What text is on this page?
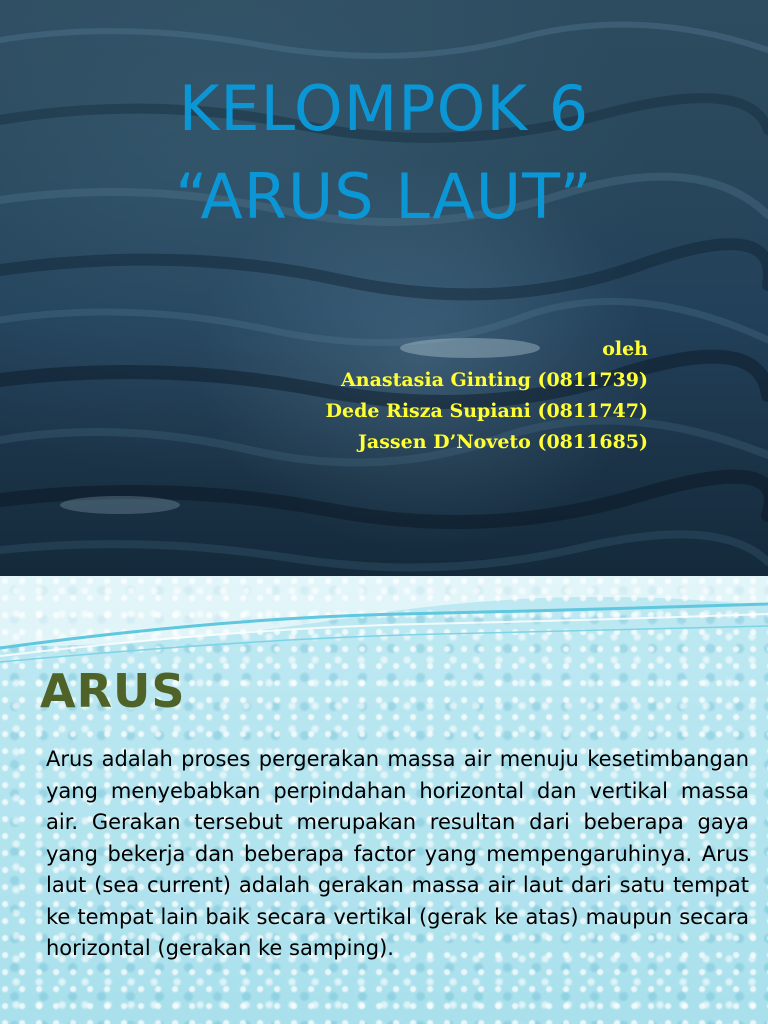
KELOMPOK 6
“ARUS LAUT”
oleh
Anastasia Ginting (0811739)
Dede Risza Supiani (0811747)
Jassen D’Noveto (0811685)
ARUS

Arus adalah proses pergerakan massa air menuju kesetimbangan yang menyebabkan perpindahan horizontal dan vertikal massa air. Gerakan tersebut merupakan resultan dari beberapa gaya yang bekerja dan beberapa factor yang mempengaruhinya. Arus laut (sea current) adalah gerakan massa air laut dari satu tempat ke tempat lain baik secara vertikal (gerak ke atas) maupun secara horizontal (gerakan ke samping).
